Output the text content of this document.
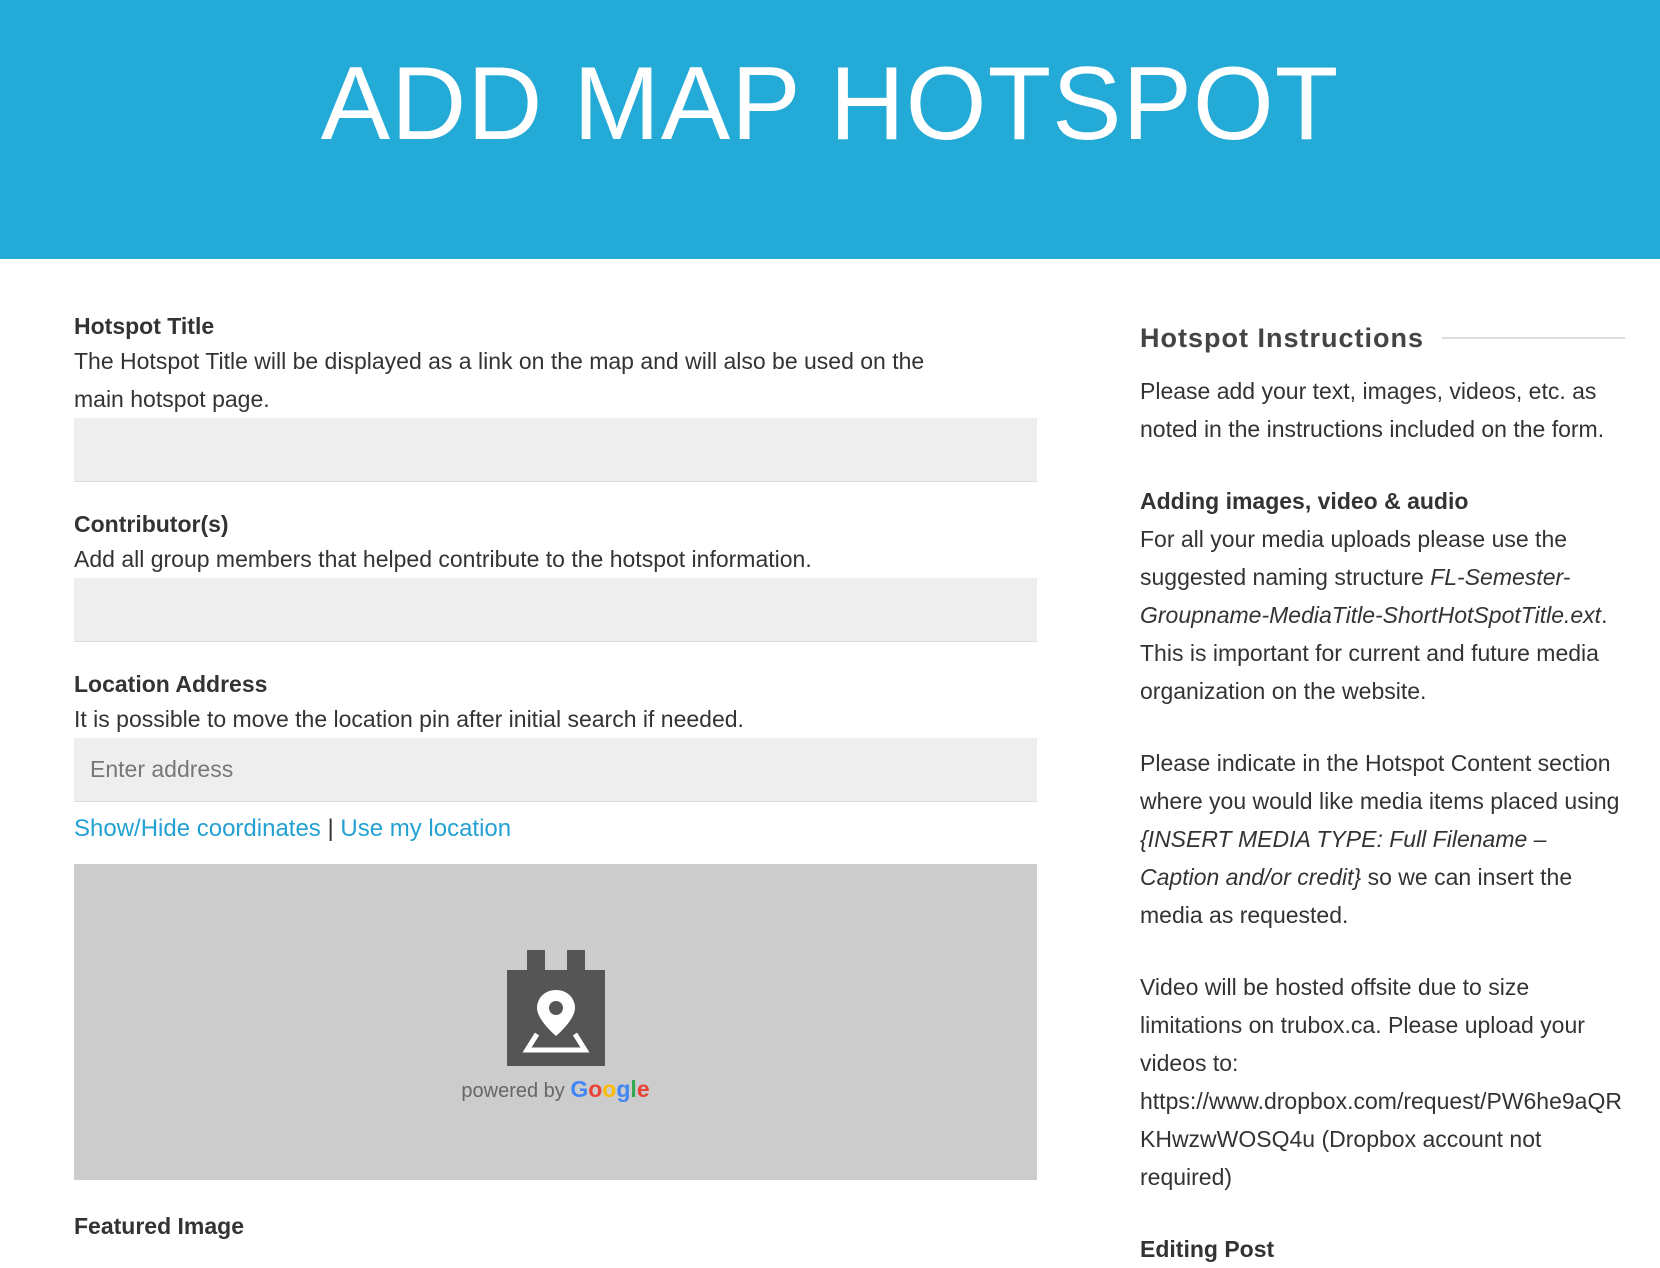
ADD MAP HOTSPOT
Hotspot Title
The Hotspot Title will be displayed as a link on the map and will also be used on the main hotspot page.
Contributor(s)
Add all group members that helped contribute to the hotspot information.
Location Address
It is possible to move the location pin after initial search if needed.
Enter address
Show/Hide coordinates | Use my location
powered by Google
Featured Image
Hotspot Instructions

Please add your text, images, videos, etc. as noted in the instructions included on the form.

Adding images, video & audio

For all your media uploads please use the suggested naming structure FL-Semester-Groupname-MediaTitle-ShortHotSpotTitle.ext. This is important for current and future media organization on the website.

Please indicate in the Hotspot Content section where you would like media items placed using {INSERT MEDIA TYPE: Full Filename – Caption and/or credit} so we can insert the media as requested.

Video will be hosted offsite due to size limitations on trubox.ca. Please upload your videos to: https://www.dropbox.com/request/PW6he9aQRKHwzwWOSQ4u (Dropbox account not required)

Editing Post
